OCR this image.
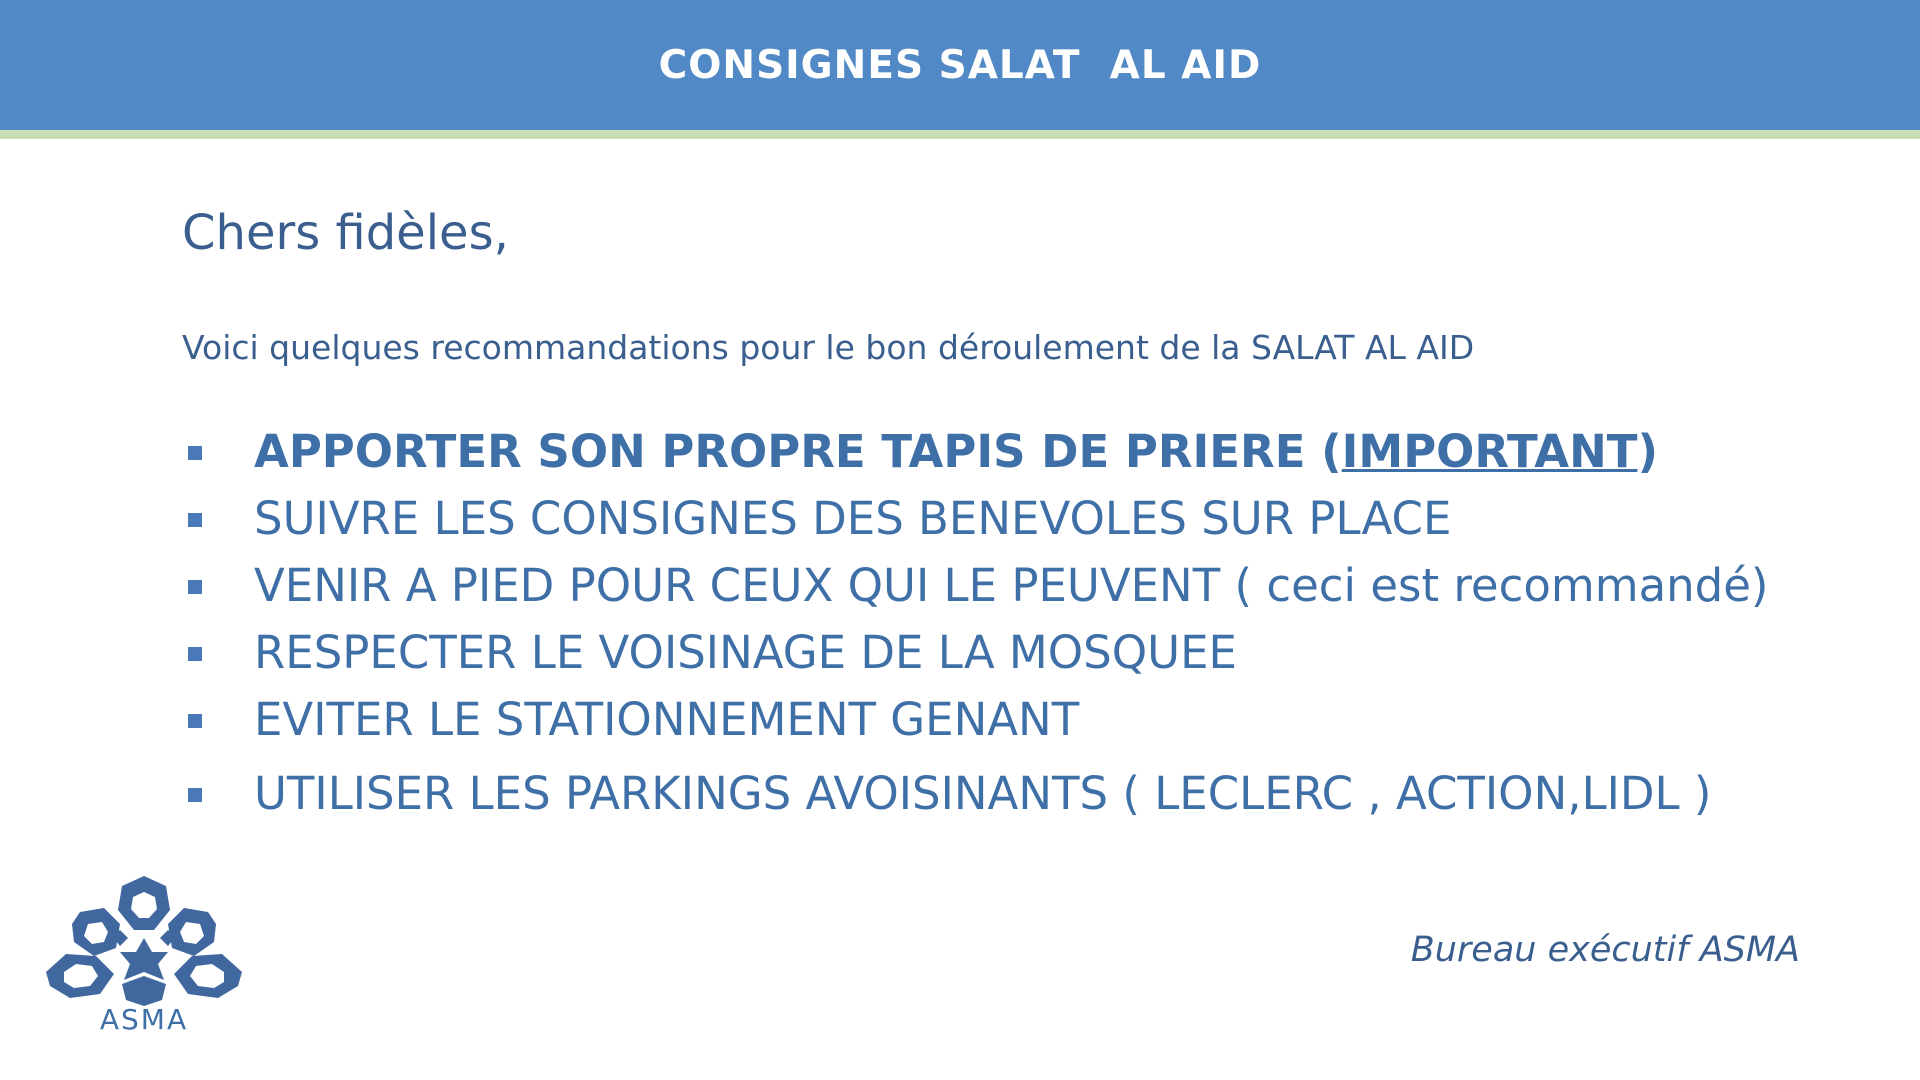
CONSIGNES SALAT  AL AID
Chers fidèles,
Voici quelques recommandations pour le bon déroulement de la SALAT AL AID
APPORTER SON PROPRE TAPIS DE PRIERE (IMPORTANT)
SUIVRE LES CONSIGNES DES BENEVOLES SUR PLACE
VENIR A PIED POUR CEUX QUI LE PEUVENT ( ceci est recommandé)
RESPECTER LE VOISINAGE DE LA MOSQUEE
EVITER LE STATIONNEMENT GENANT
UTILISER LES PARKINGS AVOISINANTS ( LECLERC , ACTION,LIDL )
ASMA
Bureau exécutif ASMA
